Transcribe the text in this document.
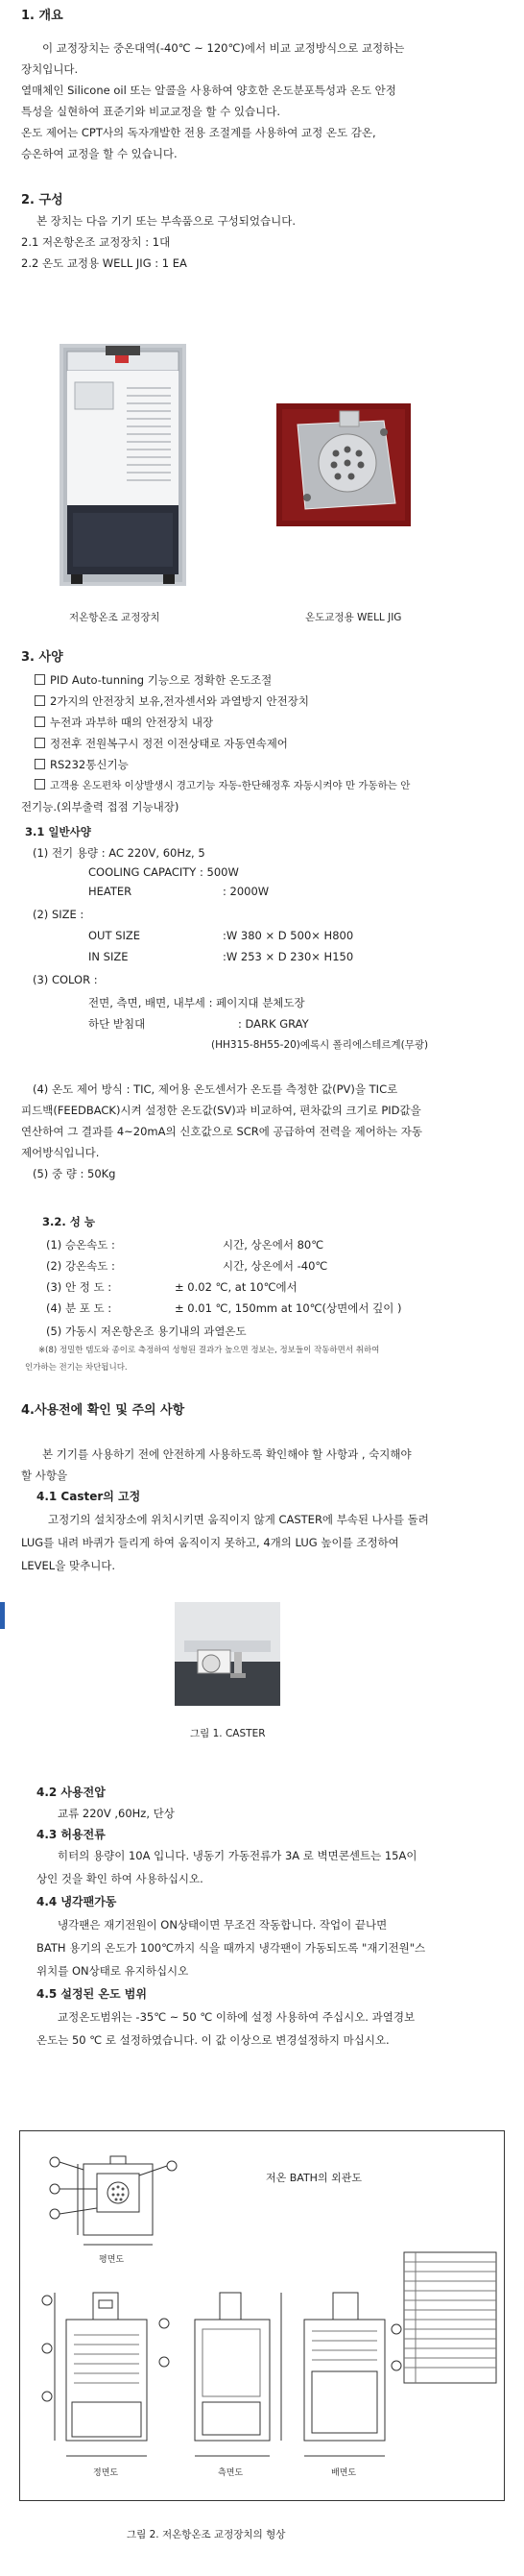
1. 개요
이 교정장치는 중온대역(-40℃ ~ 120℃)에서 비교 교정방식으로 교정하는
장치입니다.
열매체인 Silicone oil 또는 알콜을 사용하여 양호한 온도분포특성과 온도 안정
특성을 실현하여 표준기와 비교교정을 할 수 있습니다.
온도 제어는 CPT사의 독자개발한 전용 조절계를 사용하여 교정 온도 감온,
승온하여 교정을 할 수 있습니다.
2. 구성
본 장치는 다음 기기 또는 부속품으로 구성되었습니다.
2.1 저온항온조 교정장치 : 1대
2.2 온도 교정용 WELL JIG : 1 EA
저온항온조 교정장치	온도교정용 WELL JIG
3. 사양
PID Auto-tunning 기능으로 정확한 온도조절
2가지의 안전장치 보유,전자센서와 과열방지 안전장치
누전과 과부하 때의 안전장치 내장
정전후 전원복구시 정전 이전상태로 자동연속제어
RS232통신기능
고객용 온도편차 이상발생시 경고기능 자동-한단해정후 자동시켜야 만 가동하는 안
전기능.(외부출력 접점 기능내장)
3.1 일반사양
(1) 전기 용량 : AC 220V, 60Hz, 5
COOLING CAPACITY : 500W
HEATER	: 2000W
(2) SIZE :
OUT SIZE	:W 380 × D 500× H800
IN SIZE	:W 253 × D 230× H150
(3) COLOR :
전면, 측면, 배면, 내부세 : 페이지대 분체도장
하단 받침대	: DARK GRAY
(HH315-8H55-20)예록시 폴리에스테르계(무광)
(4) 온도 제어 방식 : TIC, 제어용 온도센서가 온도를 측정한 값(PV)을 TIC로
피드백(FEEDBACK)시켜 설정한 온도값(SV)과 비교하여, 편차값의 크기로 PID값을
연산하여 그 결과를 4~20mA의 신호값으로 SCR에 공급하여 전력을 제어하는 자동
제어방식입니다.
(5) 중 량 : 50Kg
3.2. 성 능
(1) 승온속도 :	시간, 상온에서 80℃
(2) 강온속도 :	시간, 상온에서 -40℃
(3) 안 정 도 :	± 0.02 ℃, at 10℃에서
(4) 분 포 도 :	± 0.01 ℃, 150mm at 10℃(상면에서 깊이 )
(5) 가동시 저온항온조 용기내의 과열온도
※(8) 정밀한 템도와 종이로 측정하여 성형된 결과가 높으면 정보는, 정보들이 작동하면서 취하여
인가하는 전기는 차단됩니다.
4.사용전에 확인 및 주의 사항
본 기기를 사용하기 전에 안전하게 사용하도록 확인해야 할 사항과 , 숙지해야
할 사항을
4.1 Caster의 고정
고정기의 설치장소에 위치시키면 움직이지 않게 CASTER에 부속된 나사를 돌려
LUG를 내려 바퀴가 들리게 하여 움직이지 못하고, 4개의 LUG 높이를 조정하여
LEVEL을 맞추니다.
그림 1. CASTER
4.2 사용전압
교류 220V ,60Hz, 단상
4.3 허용전류
히터의 용량이 10A 입니다. 냉동기 가동전류가 3A 로 벽면콘센트는 15A이
상인 것을 확인 하여 사용하십시오.
4.4 냉각팬가동
냉각팬은 재기전원이 ON상태이면 무조건 작동합니다. 작업이 끝나면
BATH 용기의 온도가 100℃까지 식을 때까지 냉각팬이 가동되도록 "재기전원"스
위치를 ON상태로 유지하십시오
4.5 설정된 온도 범위
교정온도범위는 -35℃ ~ 50 ℃ 이하에 설정 사용하여 주십시오. 과열경보
온도는 50 ℃ 로 설정하였습니다. 이 값 이상으로 변경설정하지 마십시오.
저온 BATH의 외관도
평면도
정면도	측면도	배면도
그림 2. 저온항온조 교정장치의 형상
